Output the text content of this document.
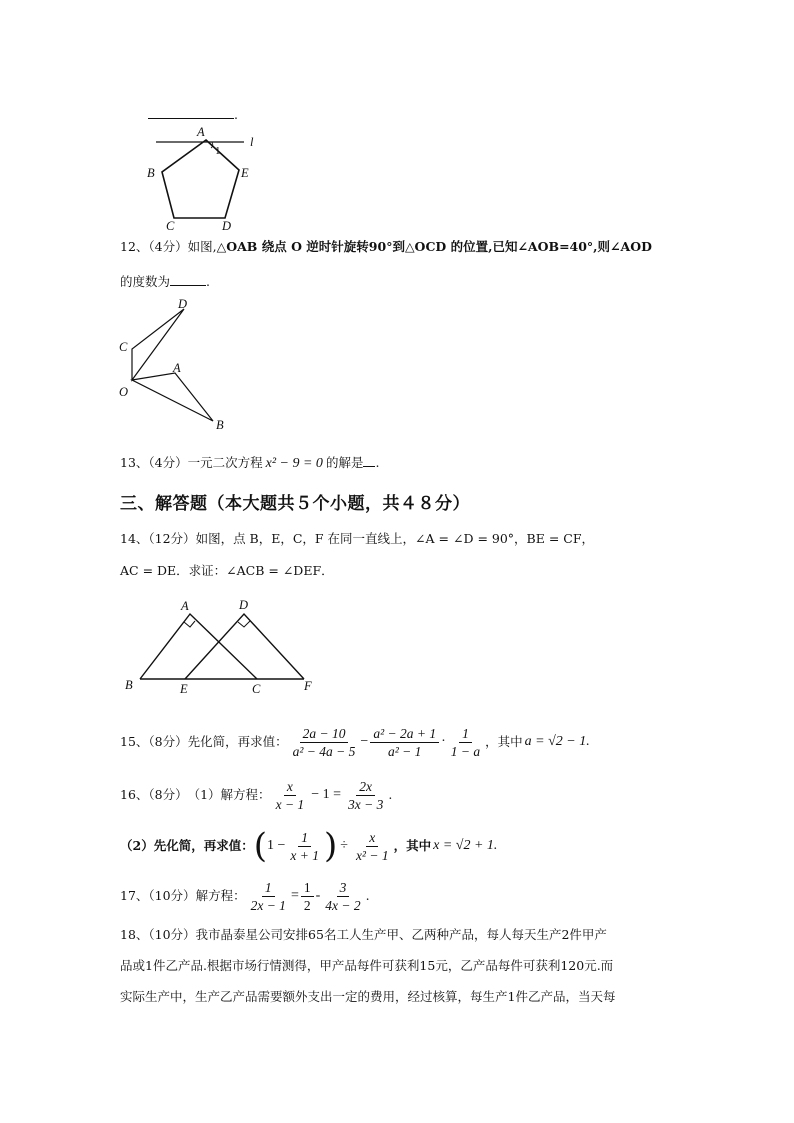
.
A
l
1
B	E
C	D
12、（4分）如图,△OAB 绕点 O 逆时针旋转90°到△OCD 的位置,已知∠AOB=40°,则∠AOD
的度数为	.
D
C
A
O
B
13、（4分）一元二次方程 x² − 9 = 0 的解是 .
三、解答题（本大题共５个小题，共４８分）
14、（12分）如图，点 B，E，C，F 在同一直线上，∠A = ∠D = 90°，BE = CF，
AC = DE．求证：∠ACB = ∠DEF．
A	D
B	E	C	F
15、（8分） 先化简，再求值： $\frac{2a - 10}{\text{a² − 4a − 5}} - \frac{\text{a² − 2a + 1}}{\text{a² − 1}} \cdot \frac{1}{1 - a}$ ，其中 a = √2 − 1.
16、（8分） （1）解方程： $\frac{x}{x - 1} - 1 = \frac{2x}{3x - 3}$ .
（2）先化简，再求值： ( $1 - \frac{1}{x + 1}$ ) ÷ $\frac{x}{\text{x² − 1}}$ ，其中 x = √2 + 1.
17、（10分） 解方程： $\frac{1}{2x - 1} = \frac{1}{2} - \frac{3}{4x - 2}$ .
18、（10分）我市晶泰星公司安排65名工人生产甲、乙两种产品，每人每天生产2件甲产
品或1件乙产品.根据市场行情测得，甲产品每件可获利15元，乙产品每件可获利120元.而
实际生产中，生产乙产品需要额外支出一定的费用，经过核算，每生产1件乙产品，当天每
